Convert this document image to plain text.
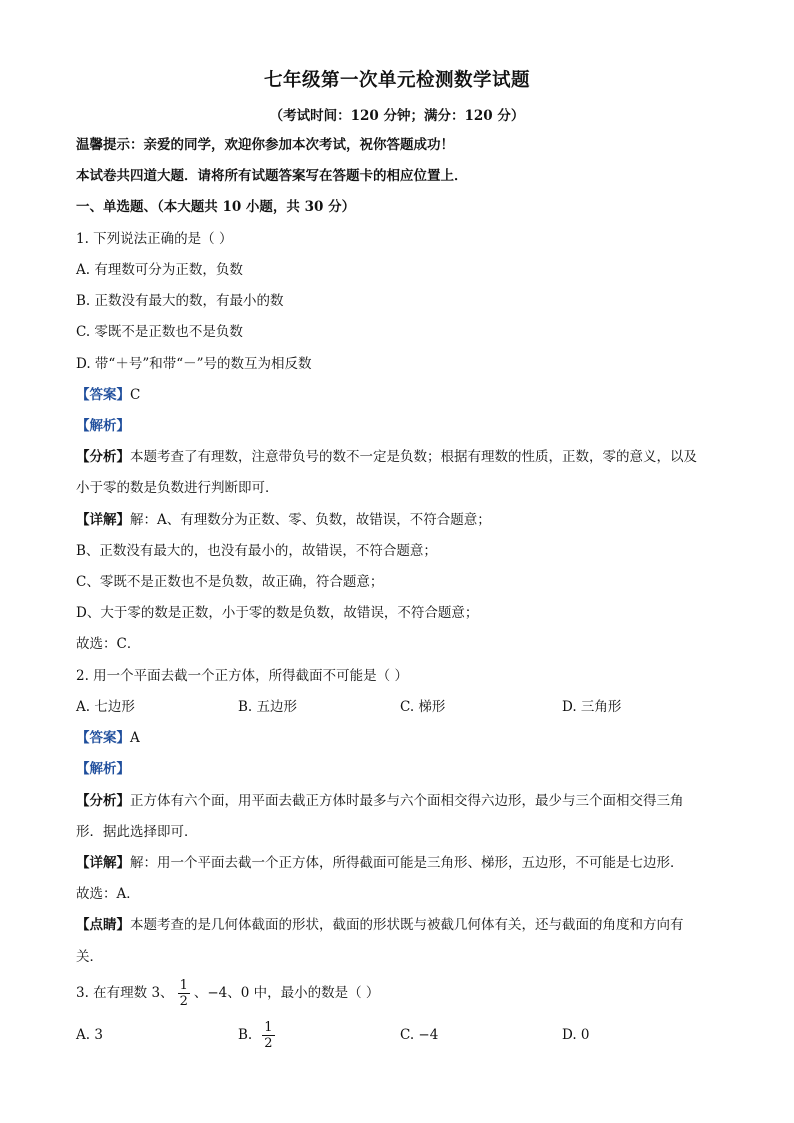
七年级第一次单元检测数学试题
（考试时间：120 分钟；满分：120 分）
温馨提示：亲爱的同学，欢迎你参加本次考试，祝你答题成功！
本试卷共四道大题．请将所有试题答案写在答题卡的相应位置上．
一、单选题、（本大题共 10 小题，共 30 分）
1. 下列说法正确的是（ ）
A. 有理数可分为正数，负数
B. 正数没有最大的数，有最小的数
C. 零既不是正数也不是负数
D. 带“＋号”和带“－”号的数互为相反数
【答案】C
【解析】
【分析】本题考查了有理数，注意带负号的数不一定是负数；根据有理数的性质，正数，零的意义，以及
小于零的数是负数进行判断即可．
【详解】解：A、有理数分为正数、零、负数，故错误，不符合题意；
B、正数没有最大的，也没有最小的，故错误，不符合题意；
C、零既不是正数也不是负数，故正确，符合题意；
D、大于零的数是正数，小于零的数是负数，故错误，不符合题意；
故选：C．
2. 用一个平面去截一个正方体，所得截面不可能是（ ）
A. 七边形	B. 五边形	C. 梯形	D. 三角形
【答案】A
【解析】
【分析】正方体有六个面，用平面去截正方体时最多与六个面相交得六边形，最少与三个面相交得三角
形．据此选择即可．
【详解】解：用一个平面去截一个正方体，所得截面可能是三角形、梯形，五边形，不可能是七边形．
故选：A．
【点睛】本题考查的是几何体截面的形状，截面的形状既与被截几何体有关，还与截面的角度和方向有
关．
3. 在有理数 3、 $\frac{1}{2}$ 、−4、0 中，最小的数是（ ）
A. 3	B. $\frac{1}{2}$	C. −4	D. 0
